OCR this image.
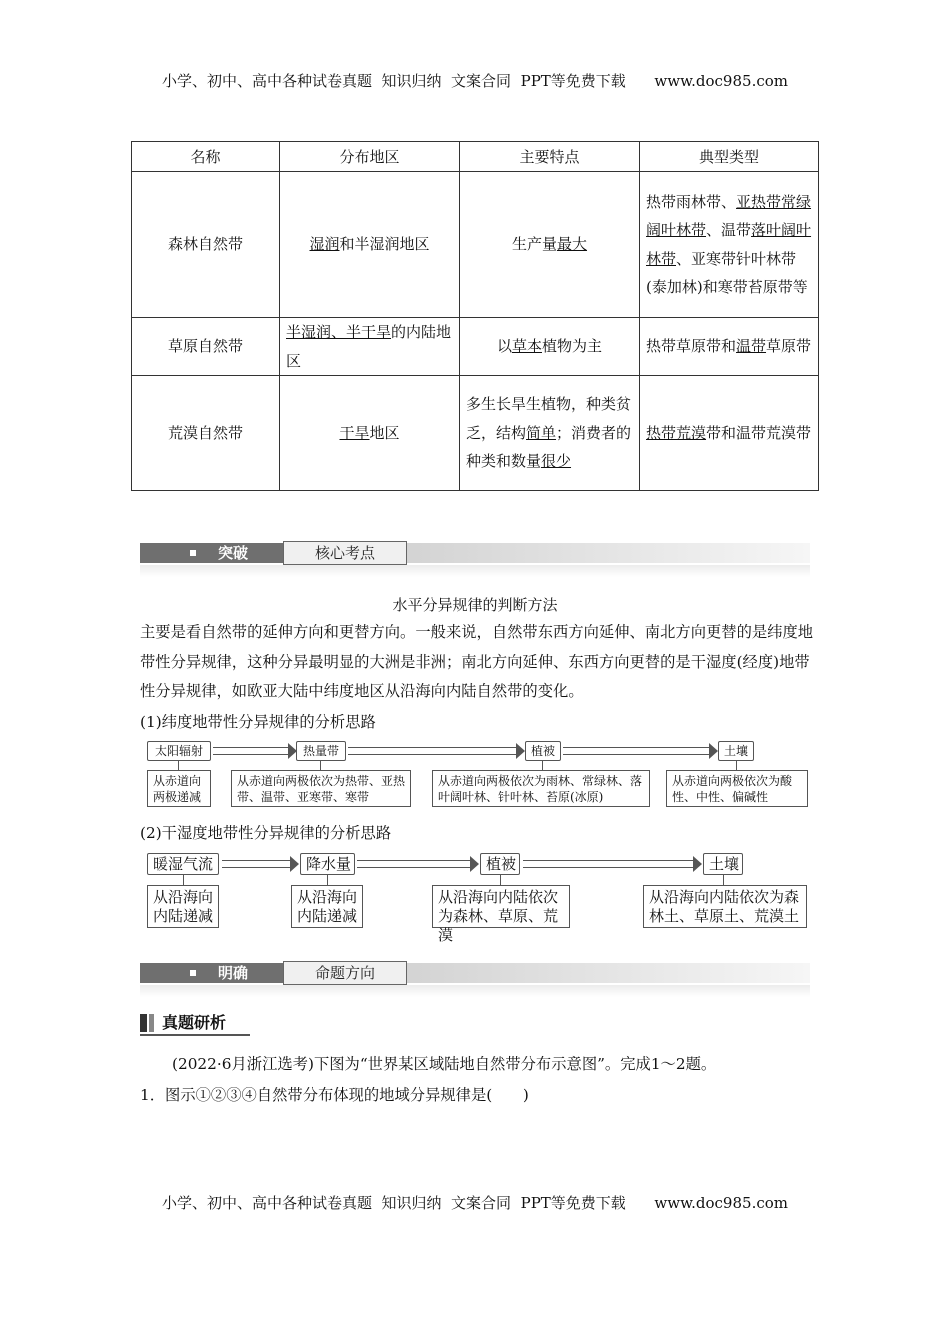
小学、初中、高中各种试卷真题  知识归纳  文案合同  PPT等免费下载      www.doc985.com
名称	分布地区	主要特点	典型类型
森林自然带	湿润和半湿润地区	生产量最大	热带雨林带、亚热带常绿阔叶林带、温带落叶阔叶林带、亚寒带针叶林带(泰加林)和寒带苔原带等
草原自然带	半湿润、半干旱的内陆地区	以草本植物为主	热带草原带和温带草原带
荒漠自然带	干旱地区	多生长旱生植物，种类贫乏，结构简单；消费者的种类和数量很少	热带荒漠带和温带荒漠带
突破	核心考点
水平分异规律的判断方法
主要是看自然带的延伸方向和更替方向。一般来说，自然带东西方向延伸、南北方向更替的是纬度地带性分异规律，这种分异最明显的大洲是非洲；南北方向延伸、东西方向更替的是干湿度(经度)地带性分异规律，如欧亚大陆中纬度地区从沿海向内陆自然带的变化。
(1)纬度地带性分异规律的分析思路
太阳辐射	热量带	植被	土壤
从赤道向两极递减
从赤道向两极依次为热带、亚热带、温带、亚寒带、寒带
从赤道向两极依次为雨林、常绿林、落叶阔叶林、针叶林、苔原(冰原)
从赤道向两极依次为酸性、中性、偏碱性
(2)干湿度地带性分异规律的分析思路
暖湿气流	降水量	植被	土壤
从沿海向内陆递减
从沿海向内陆递减
从沿海向内陆依次为森林、草原、荒漠
从沿海向内陆依次为森林土、草原土、荒漠土
明确	命题方向
真题研析
(2022·6月浙江选考)下图为“世界某区域陆地自然带分布示意图”。完成1～2题。
1．图示①②③④自然带分布体现的地域分异规律是(　　)
小学、初中、高中各种试卷真题  知识归纳  文案合同  PPT等免费下载      www.doc985.com
